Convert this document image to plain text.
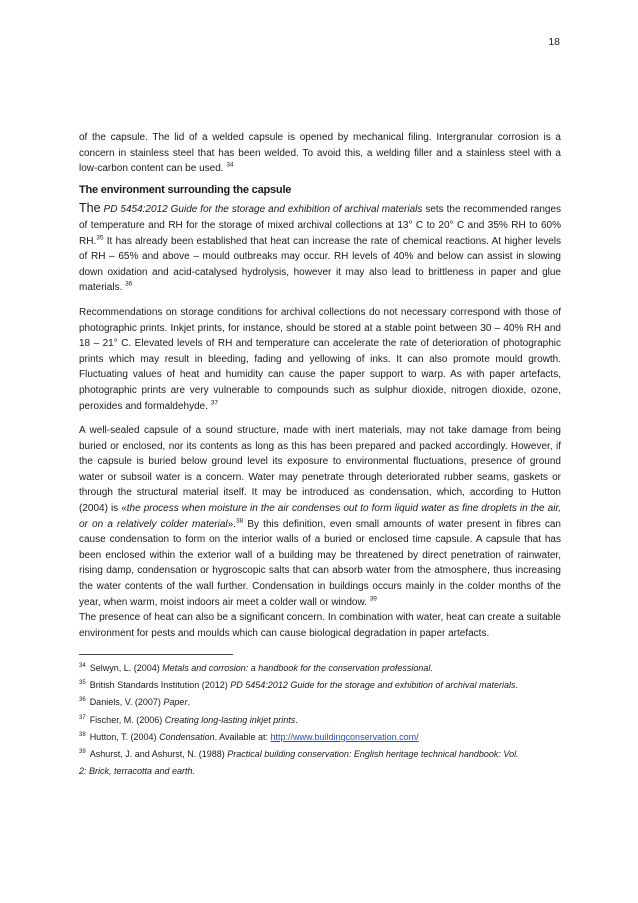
18

of the capsule. The lid of a welded capsule is opened by mechanical filing. Intergranular corrosion is a concern in stainless steel that has been welded. To avoid this, a welding filler and a stainless steel with a low-carbon content can be used. $^{34}$

The environment surrounding the capsule

The PD 5454:2012 Guide for the storage and exhibition of archival materials sets the recommended ranges of temperature and RH for the storage of mixed archival collections at 13° C to 20° C and 35% RH to 60% RH.$^{35}$ It has already been established that heat can increase the rate of chemical reactions. At higher levels of RH – 65% and above – mould outbreaks may occur. RH levels of 40% and below can assist in slowing down oxidation and acid-catalysed hydrolysis, however it may also lead to brittleness in paper and glue materials. $^{36}$

Recommendations on storage conditions for archival collections do not necessary correspond with those of photographic prints. Inkjet prints, for instance, should be stored at a stable point between 30 – 40% RH and 18 – 21° C. Elevated levels of RH and temperature can accelerate the rate of deterioration of photographic prints which may result in bleeding, fading and yellowing of inks. It can also promote mould growth. Fluctuating values of heat and humidity can cause the paper support to warp. As with paper artefacts, photographic prints are very vulnerable to compounds such as sulphur dioxide, nitrogen dioxide, ozone, peroxides and formaldehyde. $^{37}$

A well-sealed capsule of a sound structure, made with inert materials, may not take damage from being buried or enclosed, nor its contents as long as this has been prepared and packed accordingly. However, if the capsule is buried below ground level its exposure to environmental fluctuations, presence of ground water or subsoil water is a concern. Water may penetrate through deteriorated rubber seams, gaskets or through the structural material itself. It may be introduced as condensation, which, according to Hutton (2004) is «the process when moisture in the air condenses out to form liquid water as fine droplets in the air, or on a relatively colder material».$^{38}$ By this definition, even small amounts of water present in fibres can cause condensation to form on the interior walls of a buried or enclosed time capsule. A capsule that has been enclosed within the exterior wall of a building may be threatened by direct penetration of rainwater, rising damp, condensation or hygroscopic salts that can absorb water from the atmosphere, thus increasing the water contents of the wall further. Condensation in buildings occurs mainly in the colder months of the year, when warm, moist indoors air meet a colder wall or window. $^{39}$

The presence of heat can also be a significant concern. In combination with water, heat can create a suitable environment for pests and moulds which can cause biological degradation in paper artefacts.

$^{34}$ Selwyn, L. (2004) Metals and corrosion: a handbook for the conservation professional.

$^{35}$ British Standards Institution (2012) PD 5454:2012 Guide for the storage and exhibition of archival materials.

$^{36}$ Daniels, V. (2007) Paper.

$^{37}$ Fischer, M. (2006) Creating long-lasting inkjet prints.

$^{38}$ Hutton, T. (2004) Condensation. Available at: http://www.buildingconservation.com/

$^{39}$ Ashurst, J. and Ashurst, N. (1988) Practical building conservation: English heritage technical handbook: Vol.

2: Brick, terracotta and earth.
